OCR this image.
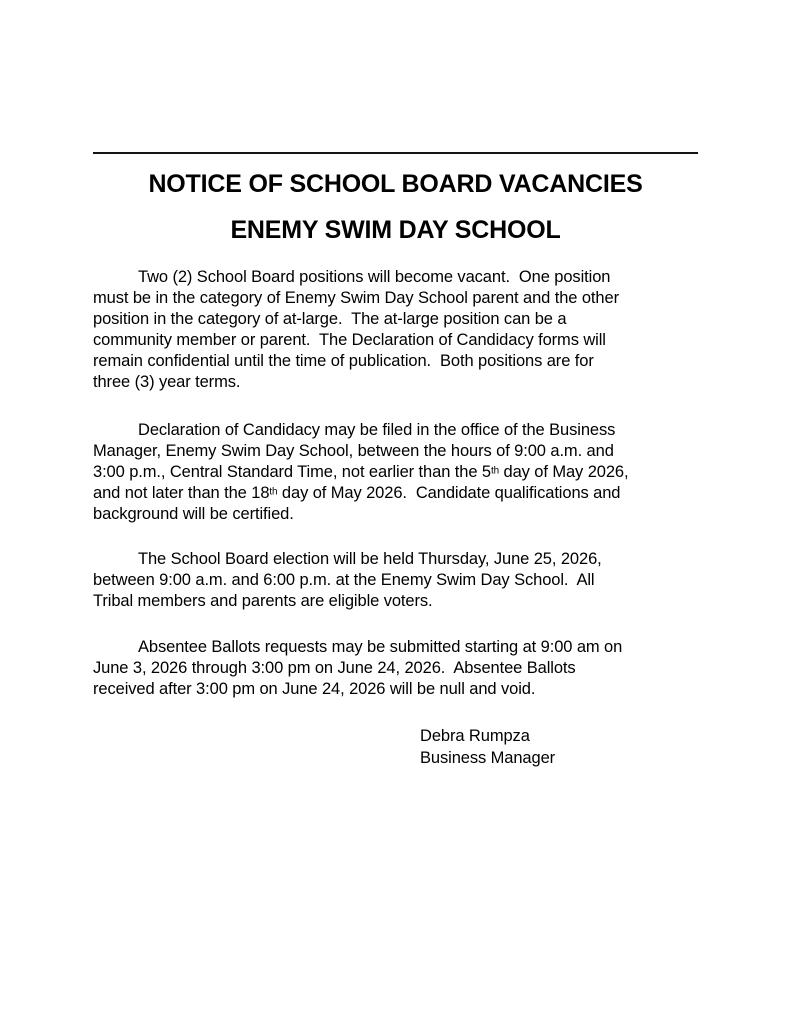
NOTICE OF SCHOOL BOARD VACANCIES
ENEMY SWIM DAY SCHOOL
Two (2) School Board positions will become vacant.  One position
must be in the category of Enemy Swim Day School parent and the other
position in the category of at-large.  The at-large position can be a
community member or parent.  The Declaration of Candidacy forms will
remain confidential until the time of publication.  Both positions are for
three (3) year terms.
Declaration of Candidacy may be filed in the office of the Business
Manager, Enemy Swim Day School, between the hours of 9:00 a.m. and
3:00 p.m., Central Standard Time, not earlier than the 5th day of May 2026,
and not later than the 18th day of May 2026.  Candidate qualifications and
background will be certified.
The School Board election will be held Thursday, June 25, 2026,
between 9:00 a.m. and 6:00 p.m. at the Enemy Swim Day School.  All
Tribal members and parents are eligible voters.
Absentee Ballots requests may be submitted starting at 9:00 am on
June 3, 2026 through 3:00 pm on June 24, 2026.  Absentee Ballots
received after 3:00 pm on June 24, 2026 will be null and void.
Debra Rumpza
Business Manager
